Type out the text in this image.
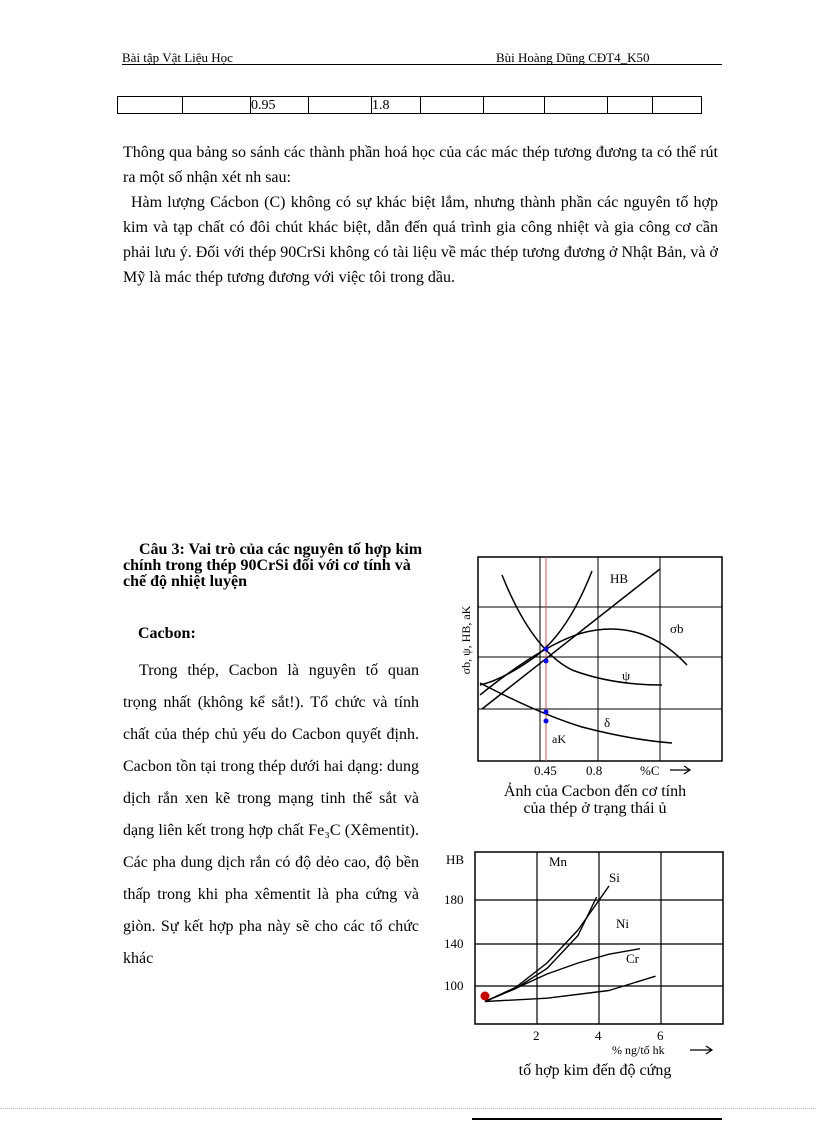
Bài tập Vật Liệu Học	Bùi Hoàng Dũng CĐT4_K50
		0.95		1.8					

Thông qua bảng so sánh các thành phần hoá học của các mác thép tương đương ta có thể rút ra một số nhận xét nh sau:

Hàm lượng Cácbon (C) không có sự khác biệt lắm, nhưng thành phần các nguyên tố hợp kim và tạp chất có đôi chút khác biệt, dẫn đến quá trình gia công nhiệt và gia công cơ cần phải lưu ý. Đối với thép 90CrSi không có tài liệu về mác thép tương đương ở Nhật Bản, và ở Mỹ là mác thép tương đương với việc tôi trong dầu.

Câu 3: Vai trò của các nguyên tố hợp kim chính trong thép 90CrSi đối với cơ tính và chế độ nhiệt luyện
Cacbon:

Trong thép, Cacbon là nguyên tố quan trọng nhất (không kể sắt!). Tổ chức và tính chất của thép chủ yếu do Cacbon quyết định. Cacbon tồn tại trong thép dưới hai dạng: dung dịch rắn xen kẽ trong mạng tinh thể sắt và dạng liên kết trong hợp chất Fe₃C (Xêmentit). Các pha dung dịch rắn có độ dẻo cao, độ bền thấp trong khi pha xêmentit là pha cứng và giòn. Sự kết hợp pha này sẽ cho các tổ chức khác

HB
σb
ψ
δ
aK
σb, ψ, HB, aK
0.45 0.8	%C
Ảnh của Cacbon đến cơ tính
của thép ở trạng thái ủ
Mn
Si
Ni
Cr
HB
180
140
100
2	4	6
% ng/tố hk
tố hợp kim đến độ cứng
